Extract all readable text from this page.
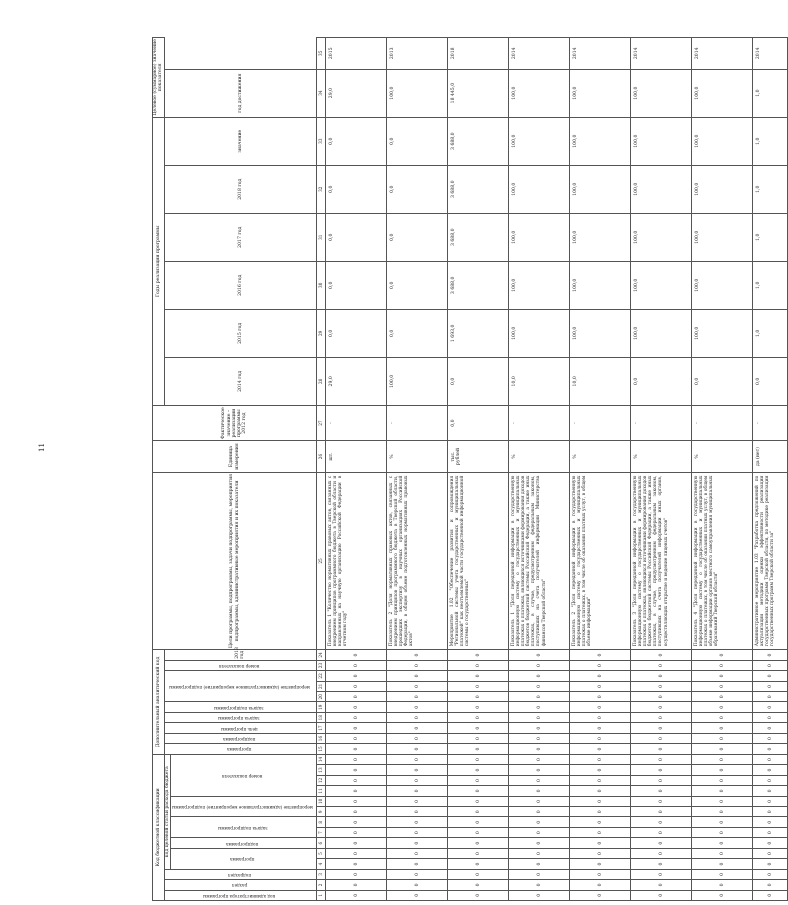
11
Код бюджетной классификации														Дополнительный аналитический код										Цели программы, подпрограммы, задачи подпрограммы, мероприятия подпрограммы, административные мероприятия и их показатели	Единица измерения	Фактическое значение – реализации программы 2012 год	Годы реализации программы						Целевое (суммарное) значение показателя	
код администратора программы	раздел	подраздел	код целевой статьи расхода бюджета											программа	подпрограмма	цель программы	задача программы	задача подпрограммы	мероприятие (административное мероприятие) подпрограммы			номер показателя	2013 год				2014 год	2015 год	2016 год	2017 год	2018 год	значение	год достижения	
			программа		подпрограмма	задача подпрограммы		мероприятие (административное мероприятие) подпрограммы		номер показателя																								
1	2	3	4	5	6	7	8	9	10	11	12	13	14	15	16	17	18	19	20	21	22	23	24	25	26	27	28	29	30	31	32	33	34	35
0	0	0	0	0	0	0	0	0	0	0	0	0	0	0	0	0	0	0	0	0	0	0	0	Показатель 1 "Количество нормативных правовых актов, связанных с внедрением принципов программного бюджета в Тверской области и направленных на научную организацию Российской Федерации в отчетном году"	шт.	-	29,0	0,0	0,0	0,0	0,0	0,0	29,0	2015
0	0	0	0	0	0	0	0	0	0	0	0	0	0	0	0	0	0	0	0	0	0	0	0	Показатель 2 "Доля нормативных правовых актов, связанных с внедрением принципов программного бюджета в Тверской области, прошедших экспертизу в научных организациях Российской Федерации, в общем объеме подготовленных нормативных правовых актов"	%	-	100,0	0,0	0,0	0,0	0,0	0,0	100,0	2013
0	0	0	0	0	0	0	0	0	0	0	0	0	0	0	0	0	0	0	0	0	0	0	0	Мероприятие 1.02 "Обеспечение развития и сопровождения "Региональной системы учета государственных и муниципальных платежей" как неотъемлемой части государственной информационной системы о государственных"	тыс. рублей	0,0	0,0	1 693,0	3 688,0	3 688,0	3 688,0	3 688,0	18 445,0	2018
0	0	0	0	0	0	0	0	0	0	0	0	0	0	0	0	0	0	0	0	0	0	0	0	Показатель 1 "Доля переданной информации в государственную информационную систему о государственных и муниципальных платежах о платежах, являющихся источниками формирования доходов бюджетов бюджетной системы Российской Федерации, а также иных платежах, в случае, предусмотренном федеральным законом, поступивших на счета получателей информации Министерства финансов Тверской области"	%	-	10,0	100,0	100,0	100,0	100,0	100,0	100,0	2014
0	0	0	0	0	0	0	0	0	0	0	0	0	0	0	0	0	0	0	0	0	0	0	0	Показатель 2 "Доля переданной информации в государственную информационную систему о государственных и муниципальных платежах о платежах, в том числе об оказании платных услуг, в общем объеме информации"	%	-	10,0	100,0	100,0	100,0	100,0	100,0	100,0	2014
0	0	0	0	0	0	0	0	0	0	0	0	0	0	0	0	0	0	0	0	0	0	0	0	Показатель 3 "Доля переданной информации в государственную информационную систему о государственных и муниципальных платежах о платежах, являющихся источниками формирования доходов бюджетов бюджетной системы Российской Федерации, а также иных платежах, в случае, предусмотренном федеральным законом, поступивших на счета получателей информации иных органов, осуществляющих открытие и ведение лицевых счетов"	%	-	0,0	100,0	100,0	100,0	100,0	100,0	100,0	2014
0	0	0	0	0	0	0	0	0	0	0	0	0	0	0	0	0	0	0	0	0	0	0	0	Показатель 4 "Доля переданной информации в государственную информационную систему о государственных и муниципальных платежах о платежах, в том числе об оказании платных услуг, в общем объеме информации органов местного самоуправления муниципальных образований Тверской области"	%	-	0,0	100,0	100,0	100,0	100,0	100,0	100,0	2014
0	0	0	0	0	0	0	0	0	0	0	0	0	0	0	0	0	0	0	0	0	0	0	0	Административное мероприятие 1.03 "Разработка предложений по актуализации методики оценки эффективности реализации государственных программ Тверской области, по методике реализации государственных программ Тверской области за"	да (нет)	-	0,0	1,0	1,0	1,0	1,0	1,0	1,0	2014
